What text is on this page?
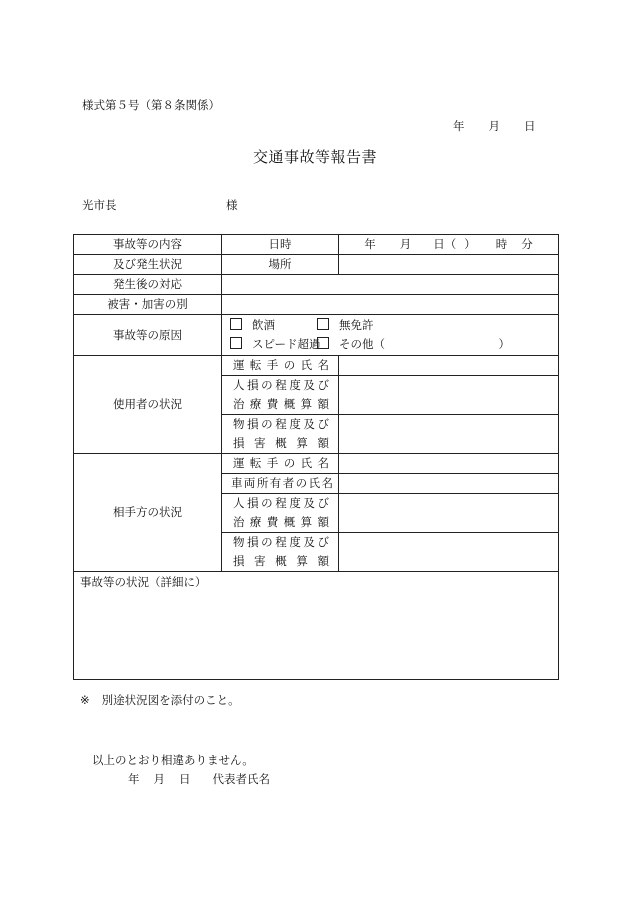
様式第５号（第８条関係）
年 月 日
交通事故等報告書
光市長	様
事故等の内容	日時	年 月 日（ ） 時 分
及び発生状況	場所	
発生後の対応		
被害・加害の別		
事故等の原因	飲酒 無免許
スピード超過 その他（ ）	

使用者の状況	運転手の氏名	

	人損の程度及び	

	治療費概算額	

	物損の程度及び	

	損害概算額	

相手方の状況	運転手の氏名	

	車両所有者の氏名	

	人損の程度及び	

	治療費概算額	

	物損の程度及び	

	損害概算額	

事故等の状況（詳細に）		
※ 別途状況図を添付のこと。
以上のとおり相違ありません。
年 月 日 代表者氏名
